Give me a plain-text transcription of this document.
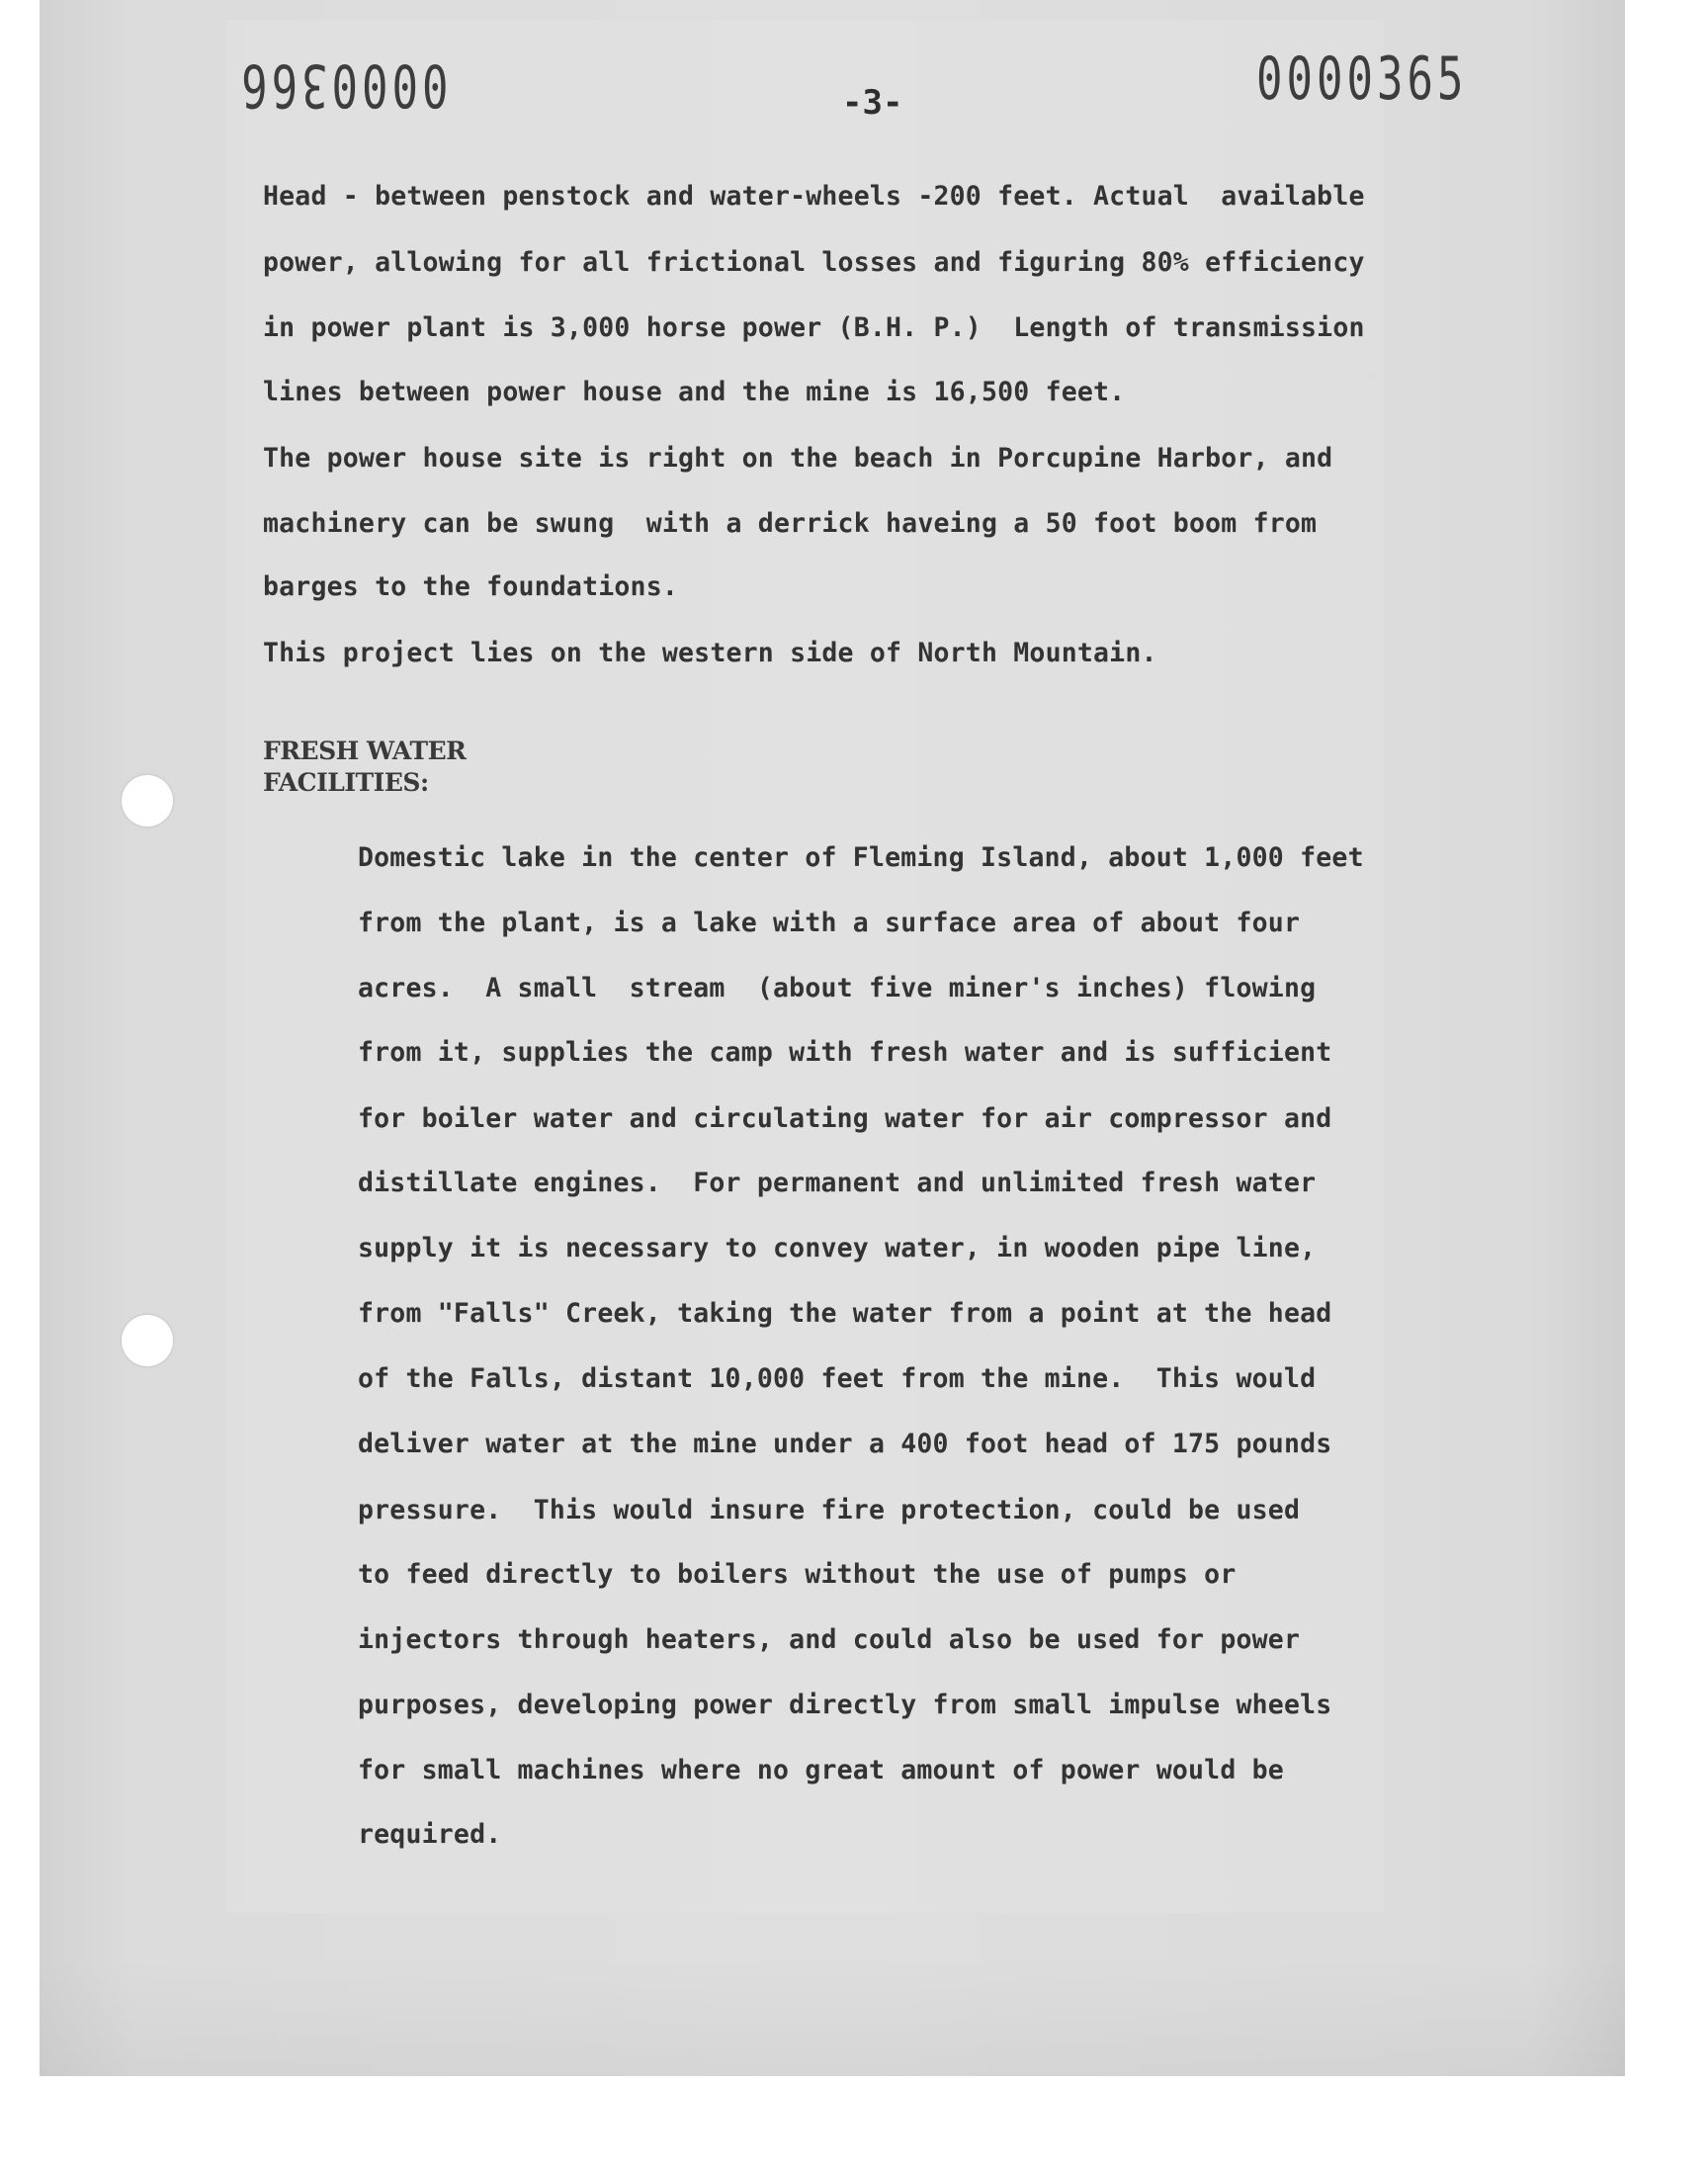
0000366	0000365
-3-
Head - between penstock and water-wheels -200 feet. Actual  available
power, allowing for all frictional losses and figuring 80% efficiency
in power plant is 3,000 horse power (B.H. P.)  Length of transmission
lines between power house and the mine is 16,500 feet.
The power house site is right on the beach in Porcupine Harbor, and
machinery can be swung  with a derrick haveing a 50 foot boom from
barges to the foundations.
This project lies on the western side of North Mountain.
FRESH WATER
FACILITIES:
Domestic lake in the center of Fleming Island, about 1,000 feet
from the plant, is a lake with a surface area of about four
acres.  A small  stream  (about five miner's inches) flowing
from it, supplies the camp with fresh water and is sufficient
for boiler water and circulating water for air compressor and
distillate engines.  For permanent and unlimited fresh water
supply it is necessary to convey water, in wooden pipe line,
from "Falls" Creek, taking the water from a point at the head
of the Falls, distant 10,000 feet from the mine.  This would
deliver water at the mine under a 400 foot head of 175 pounds
pressure.  This would insure fire protection, could be used
to feed directly to boilers without the use of pumps or
injectors through heaters, and could also be used for power
purposes, developing power directly from small impulse wheels
for small machines where no great amount of power would be
required.
